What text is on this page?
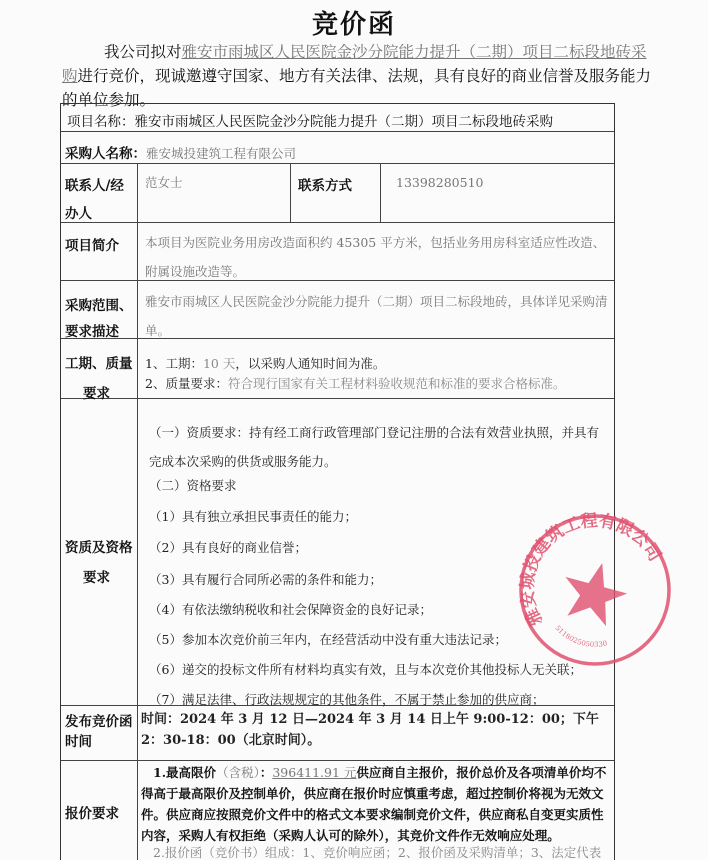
竞价函
我公司拟对雅安市雨城区人民医院金沙分院能力提升（二期）项目二标段地砖采购进行竞价，现诚邀遵守国家、地方有关法律、法规，具有良好的商业信誉及服务能力的单位参加。
项目名称：雅安市雨城区人民医院金沙分院能力提升（二期）项目二标段地砖采购
采购人名称：雅安城投建筑工程有限公司
联系人/经
办人
范女士	联系方式	13398280510
项目简介 本项目为医院业务用房改造面积约 45305 平方米，包括业务用房科室适应性改造、附属设施改造等。
采购范围、
要求描述
雅安市雨城区人民医院金沙分院能力提升（二期）项目二标段地砖，具体详见采购清单。
工期、质量
要求
1、工期：10 天，以采购人通知时间为准。
2、质量要求：符合现行国家有关工程材料验收规范和标准的要求合格标准。
资质及资格
要求
（一）资质要求：持有经工商行政管理部门登记注册的合法有效营业执照，并具有完成本次采购的供货或服务能力。
（二）资格要求
（1）具有独立承担民事责任的能力；
（2）具有良好的商业信誉；
（3）具有履行合同所必需的条件和能力；
（4）有依法缴纳税收和社会保障资金的良好记录；
（5）参加本次竞价前三年内，在经营活动中没有重大违法记录；
（6）递交的投标文件所有材料均真实有效，且与本次竞价其他投标人无关联；
（7）满足法律、行政法规规定的其他条件，不属于禁止参加的供应商；
发布竞价函
时间
时间：2024 年 3 月 12 日—2024 年 3 月 14 日上午 9:00-12：00；下午 2：30-18：00（北京时间）。
报价要求
1.最高限价（含税）：396411.91 元供应商自主报价，报价总价及各项清单价均不得高于最高限价及控制单价，供应商在报价时应慎重考虑，超过控制价将视为无效文件。供应商应按照竞价文件中的格式文本要求编制竞价文件，供应商私自变更实质性内容，采购人有权拒绝（采购人认可的除外），其竞价文件作无效响应处理。
2.报价函（竞价书）组成：1、竞价响应函；2、报价函及采购清单；3、法定代表
雅安城投建筑工程有限公司
5118025050330
